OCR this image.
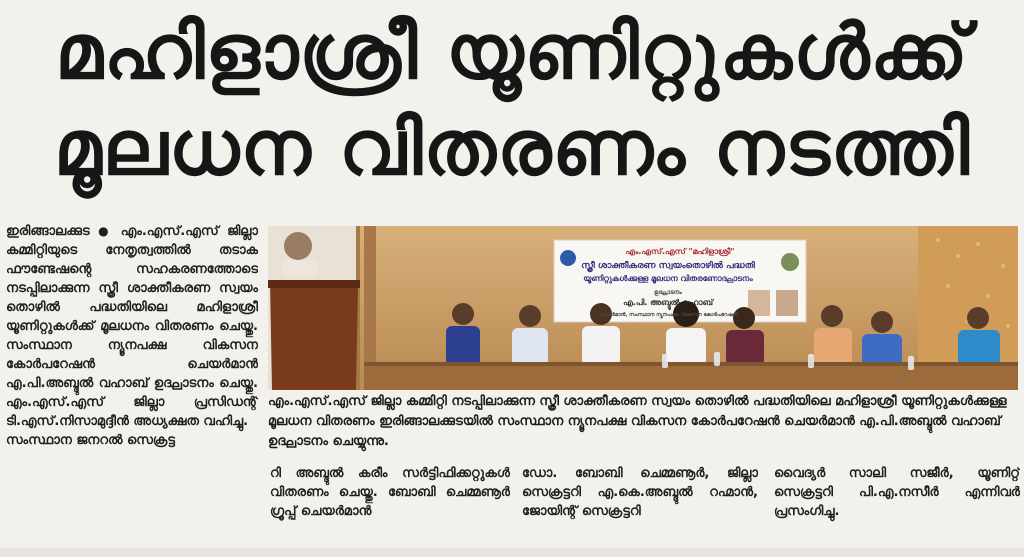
മഹിളാശ്രീ യൂണിറ്റുകൾക്ക്
മൂലധന വിതരണം നടത്തി
ഇരിങ്ങാലക്കുട ● എം.എസ്.എസ് ജില്ലാ കമ്മിറ്റിയുടെ നേതൃത്വത്തിൽ തടാക ഫൗണ്ടേഷന്റെ സഹകരണത്തോടെ നടപ്പിലാക്കുന്ന സ്ത്രീ ശാക്തീകരണ സ്വയം തൊഴിൽ പദ്ധതിയിലെ മഹിളാശ്രീ യൂണിറ്റുകൾക്ക് മൂലധനം വിതരണം ചെയ്തു. സംസ്ഥാന ന്യൂനപക്ഷ വികസന കോർപറേഷൻ ചെയർമാൻ എ.പി.അബ്ദുൽ വഹാബ് ഉദ്ഘാടനം ചെയ്തു. എം.എസ്.എസ് ജില്ലാ പ്രസിഡന്റ് ടി.എസ്.നിസാമുദ്ദീൻ അധ്യക്ഷത വഹിച്ചു.
സംസ്ഥാന ജനറൽ സെക്രട്ട
എം.എസ്.എസ് "മഹിളാശ്രീ"
സ്ത്രീ ശാക്തീകരണ സ്വയംതൊഴിൽ പദ്ധതി
യൂണിറ്റുകൾക്കുള്ള മൂലധന വിതരണോദ്ഘാടനം
ഉദ്ഘാടനം
എ.പി. അബ്ദുൽ വഹാബ്
ചെയർമാൻ, സംസ്ഥാന ന്യൂനപക്ഷ വികസന കോർപറേഷൻ
എം.എസ്.എസ് ജില്ലാ കമ്മിറ്റി നടപ്പിലാക്കുന്ന സ്ത്രീ ശാക്തീകരണ സ്വയം തൊഴിൽ പദ്ധതിയിലെ മഹിളാശ്രീ യൂണിറ്റുകൾക്കുള്ള മൂലധന വിതരണം ഇരിങ്ങാലക്കുടയിൽ സംസ്ഥാന ന്യൂനപക്ഷ വികസന കോർപറേഷൻ ചെയർമാൻ എ.പി.അബ്ദുൽ വഹാബ് ഉദ്ഘാടനം ചെയ്യുന്നു.
റി അബ്ദുൽ കരീം സർട്ടിഫിക്കറ്റുകൾ വിതരണം ചെയ്തു. ബോബി ചെമ്മണൂർ ഗ്രൂപ്പ് ചെയർമാൻ
ഡോ. ബോബി ചെമ്മണൂർ, ജില്ലാ സെക്രട്ടറി എ.കെ.അബ്ദുൽ റഹ്മാൻ, ജോയിന്റ് സെക്രട്ടറി
വൈദ്യർ സാലി സജീർ, യൂണിറ്റ് സെക്രട്ടറി പി.എ.നസീർ എന്നിവർ പ്രസംഗിച്ചു.
